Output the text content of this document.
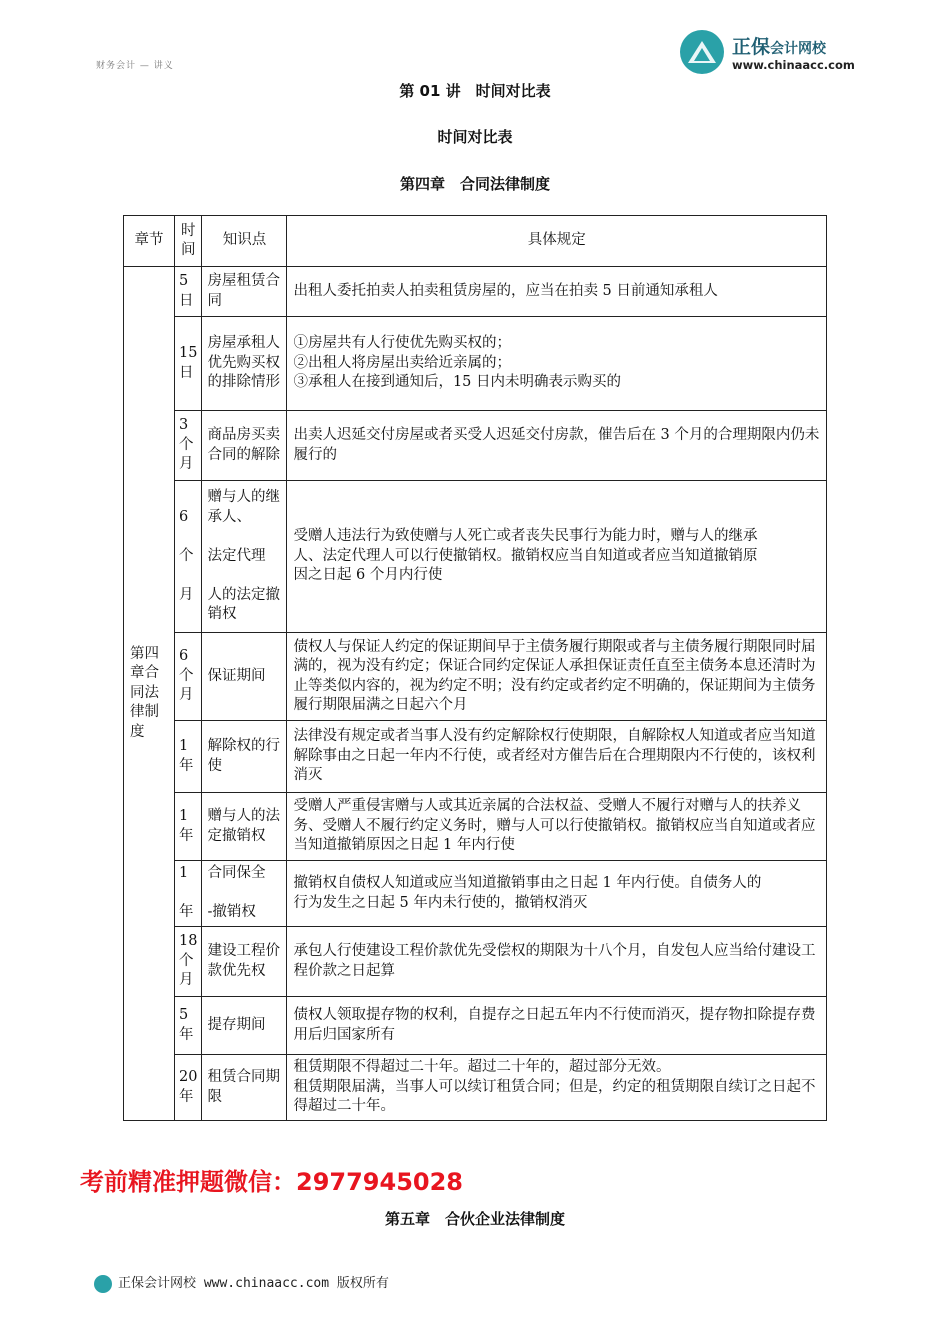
财务会计 — 讲义
正保会计网校
www.chinaacc.com
第 01 讲　时间对比表
时间对比表
第四章　合同法律制度
章节	时间	知识点	具体规定
第四章合同法律制度	5日	房屋租赁合同	出租人委托拍卖人拍卖租赁房屋的，应当在拍卖 5 日前通知承租人
	15日	房屋承租人优先购买权的排除情形	①房屋共有人行使优先购买权的；
②出租人将房屋出卖给近亲属的；
③承租人在接到通知后，15 日内未明确表示购买的
	3个月	商品房买卖合同的解除	出卖人迟延交付房屋或者买受人迟延交付房款，催告后在 3 个月的合理期限内仍未履行的
	6

个

月	赠与人的继承人、

法定代理

人的法定撤销权	受赠人违法行为致使赠与人死亡或者丧失民事行为能力时，赠与人的继承
人、法定代理人可以行使撤销权。撤销权应当自知道或者应当知道撤销原
因之日起 6 个月内行使
	6个月	保证期间	债权人与保证人约定的保证期间早于主债务履行期限或者与主债务履行期限同时届满的，视为没有约定；保证合同约定保证人承担保证责任直至主债务本息还清时为止等类似内容的，视为约定不明；没有约定或者约定不明确的，保证期间为主债务履行期限届满之日起六个月
	1年	解除权的行使	法律没有规定或者当事人没有约定解除权行使期限，自解除权人知道或者应当知道解除事由之日起一年内不行使，或者经对方催告后在合理期限内不行使的，该权利消灭
	1年	赠与人的法定撤销权	受赠人严重侵害赠与人或其近亲属的合法权益、受赠人不履行对赠与人的扶养义务、受赠人不履行约定义务时，赠与人可以行使撤销权。撤销权应当自知道或者应当知道撤销原因之日起 1 年内行使
	1

年	合同保全

-撤销权	撤销权自债权人知道或应当知道撤销事由之日起 1 年内行使。自债务人的
行为发生之日起 5 年内未行使的，撤销权消灭
	18个月	建设工程价款优先权	承包人行使建设工程价款优先受偿权的期限为十八个月，自发包人应当给付建设工程价款之日起算
	5年	提存期间	债权人领取提存物的权利，自提存之日起五年内不行使而消灭，提存物扣除提存费用后归国家所有
	20年	租赁合同期限	租赁期限不得超过二十年。超过二十年的，超过部分无效。
租赁期限届满，当事人可以续订租赁合同；但是，约定的租赁期限自续订之日起不得超过二十年。
考前精准押题微信：2977945028
第五章　合伙企业法律制度
正保会计网校 www.chinaacc.com 版权所有
